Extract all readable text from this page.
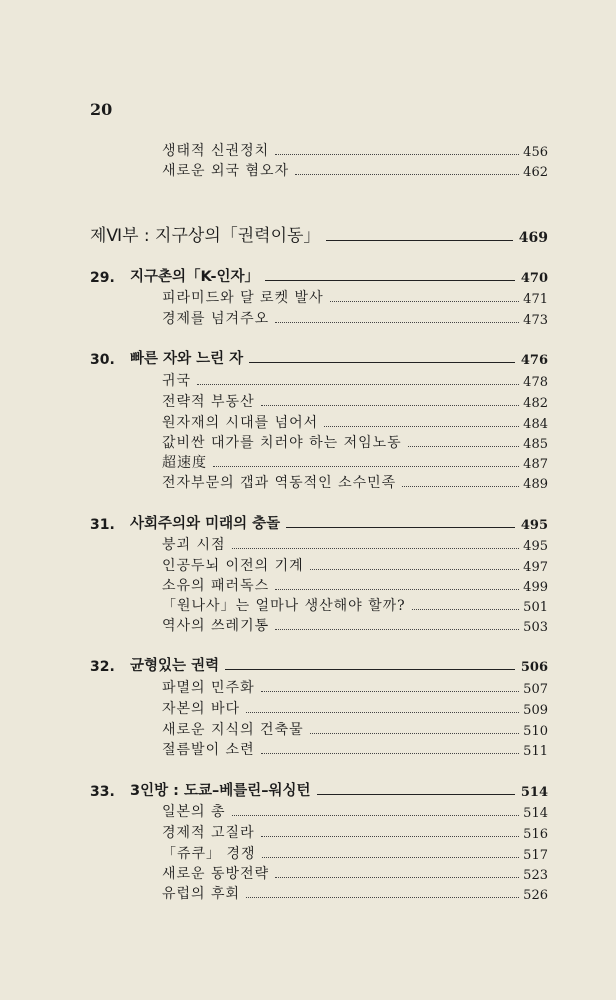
20
생태적 신권정치	456
새로운 외국 혐오자	462
제Ⅵ부 : 지구상의「권력이동」	469
29.	지구촌의「K-인자」	470
피라미드와 달 로켓 발사	471
경제를 넘겨주오	473
30.	빠른 자와 느린 자	476
귀국	478
전략적 부동산	482
원자재의 시대를 넘어서	484
값비싼 대가를 치러야 하는 저임노동	485
超速度	487
전자부문의 갭과 역동적인 소수민족	489
31.	사회주의와 미래의 충돌	495
붕괴 시점	495
인공두뇌 이전의 기계	497
소유의 패러독스	499
「원나사」는 얼마나 생산해야 할까?	501
역사의 쓰레기통	503
32.	균형있는 권력	506
파멸의 민주화	507
자본의 바다	509
새로운 지식의 건축물	510
절름발이 소련	511
33.	3인방 : 도쿄–베를린–워싱턴	514
일본의 총	514
경제적 고질라	516
「쥬쿠」 경쟁	517
새로운 동방전략	523
유럽의 후회	526
